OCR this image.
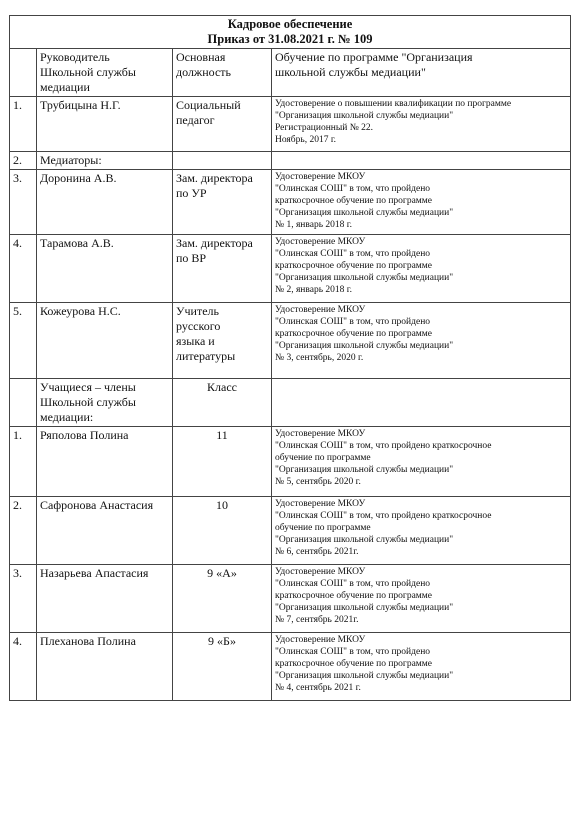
Кадровое обеспечение
Приказ от 31.08.2021 г. № 109			

	Руководитель
Школьной службы
медиации	Основная
должность	Обучение по программе "Организация
школьной службы медиации"
1.	Трубицына Н.Г.	Социальный
педагог	Удостоверение о повышении квалификации по программе
"Организация школьной службы медиации"
Регистрационный № 22.
Ноябрь, 2017 г.
2.	Медиаторы:		
3.	Доронина А.В.	Зам. директора
по УР	Удостоверение МКОУ
"Олинская СОШ" в том, что пройдено
краткосрочное обучение по программе
"Организация школьной службы медиации"
№ 1, январь 2018 г.
4.	Тарамова А.В.	Зам. директора
по ВР	Удостоверение МКОУ
"Олинская СОШ" в том, что пройдено
краткосрочное обучение по программе
"Организация школьной службы медиации"
№ 2, январь 2018 г.
5.	Кожеурова Н.С.	Учитель
русского
языка и
литературы	Удостоверение МКОУ
"Олинская СОШ" в том, что пройдено
краткосрочное обучение по программе
"Организация школьной службы медиации"
№ 3, сентябрь, 2020 г.
	Учащиеся – члены
Школьной службы
медиации:	Класс	
1.	Ряполова Полина	11	Удостоверение МКОУ
"Олинская СОШ" в том, что пройдено краткосрочное
обучение по программе
"Организация школьной службы медиации"
№ 5, сентябрь 2020 г.
2.	Сафронова Анастасия	10	Удостоверение МКОУ
"Олинская СОШ" в том, что пройдено краткосрочное
обучение по программе
"Организация школьной службы медиации"
№ 6, сентябрь 2021г.
3.	Назарьева Апастасия	9 «А»	Удостоверение МКОУ
"Олинская СОШ" в том, что пройдено
краткосрочное обучение по программе
"Организация школьной службы медиации"
№ 7, сентябрь 2021г.
4.	Плеханова Полина	9 «Б»	Удостоверение МКОУ
"Олинская СОШ" в том, что пройдено
краткосрочное обучение по программе
"Организация школьной службы медиации"
№ 4, сентябрь 2021 г.
